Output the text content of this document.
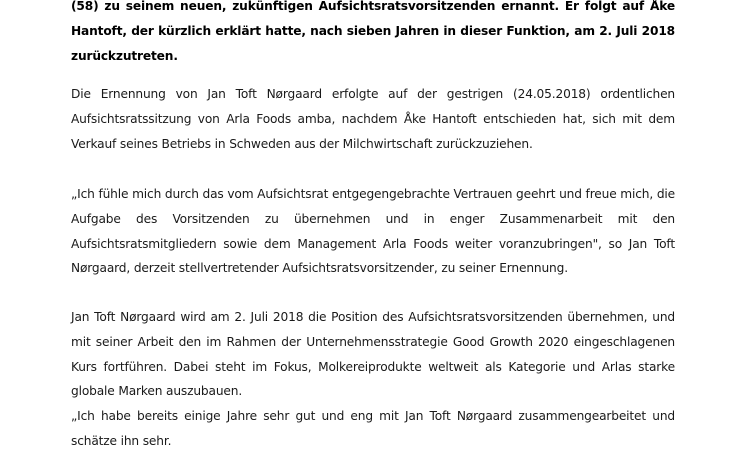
(58) zu seinem neuen, zukünftigen Aufsichtsratsvorsitzenden ernannt. Er folgt auf Åke Hantoft, der kürzlich erklärt hatte, nach sieben Jahren in dieser Funktion, am 2. Juli 2018 zurückzutreten.

Die Ernennung von Jan Toft Nørgaard erfolgte auf der gestrigen (24.05.2018) ordentlichen Aufsichtsratssitzung von Arla Foods amba, nachdem Åke Hantoft entschieden hat, sich mit dem Verkauf seines Betriebs in Schweden aus der Milchwirtschaft zurückzuziehen.

„Ich fühle mich durch das vom Aufsichtsrat entgegengebrachte Vertrauen geehrt und freue mich, die Aufgabe des Vorsitzenden zu übernehmen und in enger Zusammenarbeit mit den Aufsichtsratsmitgliedern sowie dem Management Arla Foods weiter voranzubringen", so Jan Toft Nørgaard, derzeit stellvertretender Aufsichtsratsvorsitzender, zu seiner Ernennung.

Jan Toft Nørgaard wird am 2. Juli 2018 die Position des Aufsichtsratsvorsitzenden übernehmen, und mit seiner Arbeit den im Rahmen der Unternehmensstrategie Good Growth 2020 eingeschlagenen Kurs fortführen. Dabei steht im Fokus, Molkereiprodukte weltweit als Kategorie und Arlas starke globale Marken auszubauen.

„Ich habe bereits einige Jahre sehr gut und eng mit Jan Toft Nørgaard zusammengearbeitet und schätze ihn sehr.
